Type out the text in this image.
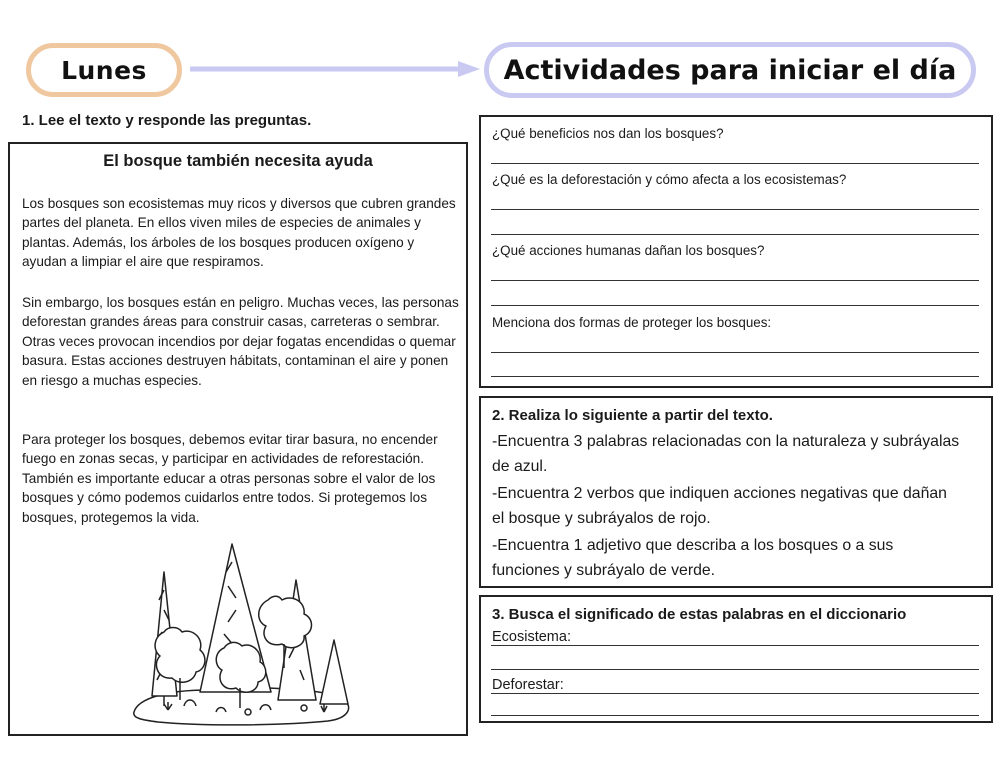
Lunes	Actividades para iniciar el día
1. Lee el texto y responde las preguntas.
El bosque también necesita ayuda

Los bosques son ecosistemas muy ricos y diversos que cubren grandes partes del planeta. En ellos viven miles de especies de animales y plantas. Además, los árboles de los bosques producen oxígeno y ayudan a limpiar el aire que respiramos.

Sin embargo, los bosques están en peligro. Muchas veces, las personas deforestan grandes áreas para construir casas, carreteras o sembrar. Otras veces provocan incendios por dejar fogatas encendidas o quemar basura. Estas acciones destruyen hábitats, contaminan el aire y ponen en riesgo a muchas especies.

Para proteger los bosques, debemos evitar tirar basura, no encender fuego en zonas secas, y participar en actividades de reforestación. También es importante educar a otras personas sobre el valor de los bosques y cómo podemos cuidarlos entre todos. Si protegemos los bosques, protegemos la vida.

¿Qué beneficios nos dan los bosques?
¿Qué es la deforestación y cómo afecta a los ecosistemas?
¿Qué acciones humanas dañan los bosques?
Menciona dos formas de proteger los bosques:
2. Realiza lo siguiente a partir del texto.
-Encuentra 3 palabras relacionadas con la naturaleza y subráyalas de azul.
-Encuentra 2 verbos que indiquen acciones negativas que dañan el bosque y subráyalos de rojo.
-Encuentra 1 adjetivo que describa a los bosques o a sus funciones y subráyalo de verde.
3. Busca el significado de estas palabras en el diccionario
Ecosistema:
Deforestar:
